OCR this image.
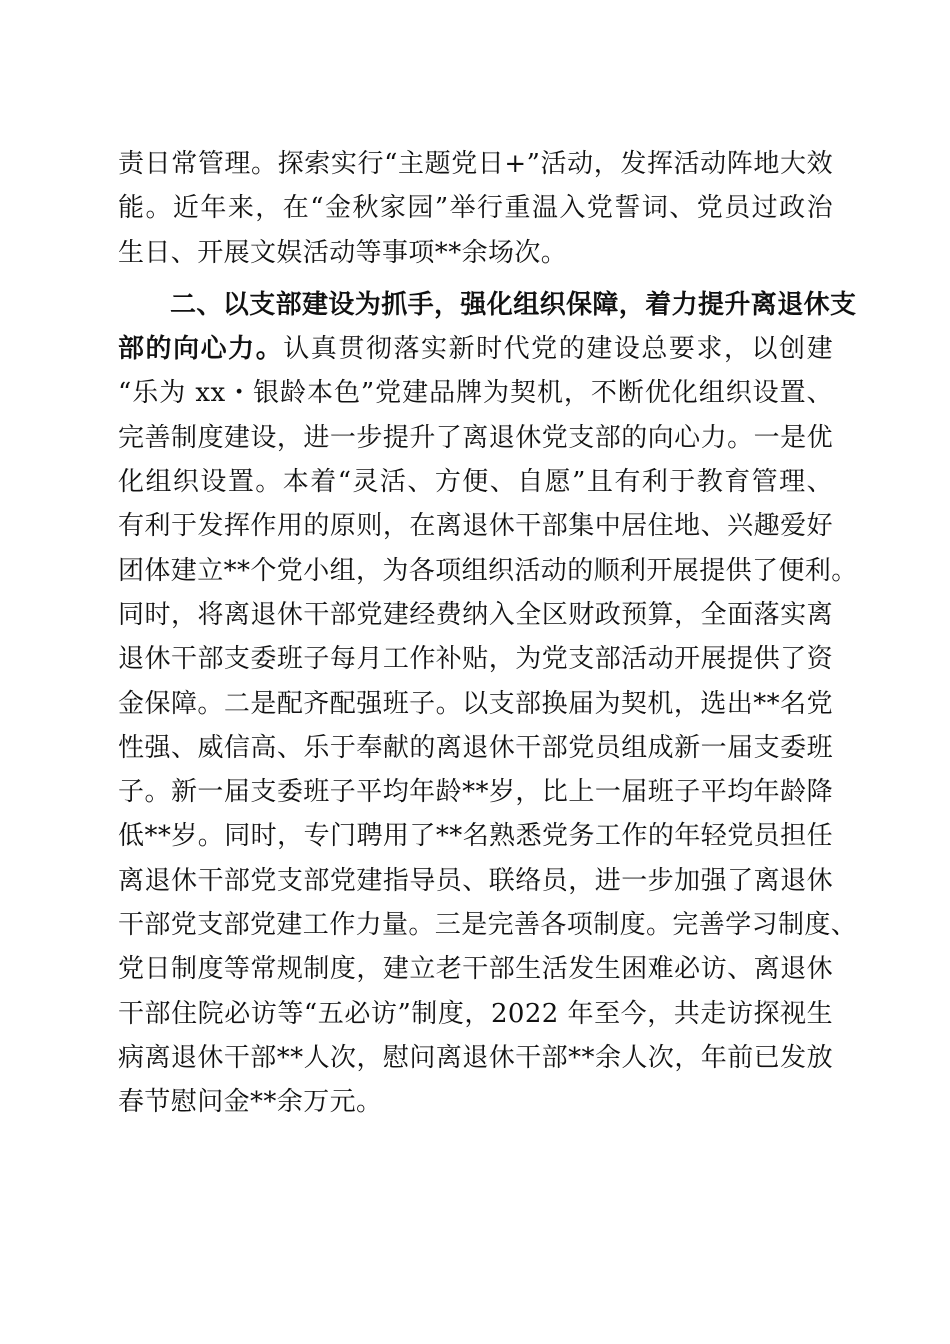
责日常管理。探索实行“主题党日+”活动，发挥活动阵地大效
能。近年来，在“金秋家园”举行重温入党誓词、党员过政治
生日、开展文娱活动等事项**余场次。
二、以支部建设为抓手，强化组织保障，着力提升离退休支
部的向心力。认真贯彻落实新时代党的建设总要求，以创建
“乐为 xx・银龄本色”党建品牌为契机，不断优化组织设置、
完善制度建设，进一步提升了离退休党支部的向心力。一是优
化组织设置。本着“灵活、方便、自愿”且有利于教育管理、
有利于发挥作用的原则，在离退休干部集中居住地、兴趣爱好
团体建立**个党小组，为各项组织活动的顺利开展提供了便利。
同时，将离退休干部党建经费纳入全区财政预算，全面落实离
退休干部支委班子每月工作补贴，为党支部活动开展提供了资
金保障。二是配齐配强班子。以支部换届为契机，选出**名党
性强、威信高、乐于奉献的离退休干部党员组成新一届支委班
子。新一届支委班子平均年龄**岁，比上一届班子平均年龄降
低**岁。同时，专门聘用了**名熟悉党务工作的年轻党员担任
离退休干部党支部党建指导员、联络员，进一步加强了离退休
干部党支部党建工作力量。三是完善各项制度。完善学习制度、
党日制度等常规制度，建立老干部生活发生困难必访、离退休
干部住院必访等“五必访”制度，2022 年至今，共走访探视生
病离退休干部**人次，慰问离退休干部**余人次，年前已发放
春节慰问金**余万元。
